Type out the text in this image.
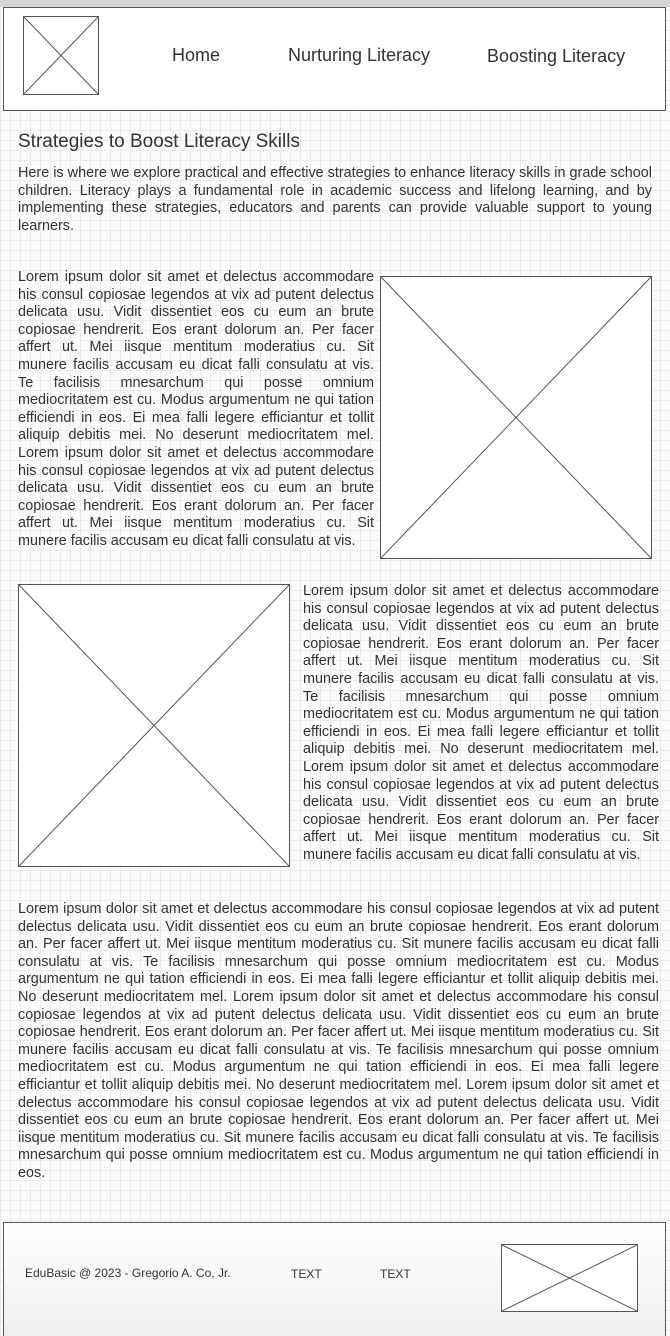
Home	Nurturing Literacy	Boosting Literacy
Strategies to Boost Literacy Skills

Here is where we explore practical and effective strategies to enhance literacy skills in grade school children. Literacy plays a fundamental role in academic success and lifelong learning, and by implementing these strategies, educators and parents can provide valuable support to young learners.

Lorem ipsum dolor sit amet et delectus accommodare his consul copiosae legendos at vix ad putent delectus delicata usu. Vidit dissentiet eos cu eum an brute copiosae hendrerit. Eos erant dolorum an. Per facer affert ut. Mei iisque mentitum moderatius cu. Sit munere facilis accusam eu dicat falli consulatu at vis. Te facilisis mnesarchum qui posse omnium mediocritatem est cu. Modus argumentum ne qui tation efficiendi in eos. Ei mea falli legere efficiantur et tollit aliquip debitis mei. No deserunt mediocritatem mel. Lorem ipsum dolor sit amet et delectus accommodare his consul copiosae legendos at vix ad putent delectus delicata usu. Vidit dissentiet eos cu eum an brute copiosae hendrerit. Eos erant dolorum an. Per facer affert ut. Mei iisque mentitum moderatius cu. Sit munere facilis accusam eu dicat falli consulatu at vis.

Lorem ipsum dolor sit amet et delectus accommodare his consul copiosae legendos at vix ad putent delectus delicata usu. Vidit dissentiet eos cu eum an brute copiosae hendrerit. Eos erant dolorum an. Per facer affert ut. Mei iisque mentitum moderatius cu. Sit munere facilis accusam eu dicat falli consulatu at vis. Te facilisis mnesarchum qui posse omnium mediocritatem est cu. Modus argumentum ne qui tation efficiendi in eos. Ei mea falli legere efficiantur et tollit aliquip debitis mei. No deserunt mediocritatem mel. Lorem ipsum dolor sit amet et delectus accommodare his consul copiosae legendos at vix ad putent delectus delicata usu. Vidit dissentiet eos cu eum an brute copiosae hendrerit. Eos erant dolorum an. Per facer affert ut. Mei iisque mentitum moderatius cu. Sit munere facilis accusam eu dicat falli consulatu at vis.

Lorem ipsum dolor sit amet et delectus accommodare his consul copiosae legendos at vix ad putent delectus delicata usu. Vidit dissentiet eos cu eum an brute copiosae hendrerit. Eos erant dolorum an. Per facer affert ut. Mei iisque mentitum moderatius cu. Sit munere facilis accusam eu dicat falli consulatu at vis. Te facilisis mnesarchum qui posse omnium mediocritatem est cu. Modus argumentum ne qui tation efficiendi in eos. Ei mea falli legere efficiantur et tollit aliquip debitis mei. No deserunt mediocritatem mel. Lorem ipsum dolor sit amet et delectus accommodare his consul copiosae legendos at vix ad putent delectus delicata usu. Vidit dissentiet eos cu eum an brute copiosae hendrerit. Eos erant dolorum an. Per facer affert ut. Mei iisque mentitum moderatius cu. Sit munere facilis accusam eu dicat falli consulatu at vis. Te facilisis mnesarchum qui posse omnium mediocritatem est cu. Modus argumentum ne qui tation efficiendi in eos. Ei mea falli legere efficiantur et tollit aliquip debitis mei. No deserunt mediocritatem mel. Lorem ipsum dolor sit amet et delectus accommodare his consul copiosae legendos at vix ad putent delectus delicata usu. Vidit dissentiet eos cu eum an brute copiosae hendrerit. Eos erant dolorum an. Per facer affert ut. Mei iisque mentitum moderatius cu. Sit munere facilis accusam eu dicat falli consulatu at vis. Te facilisis mnesarchum qui posse omnium mediocritatem est cu. Modus argumentum ne qui tation efficiendi in eos.

EduBasic @ 2023 - Gregorio A. Co, Jr.	TEXT	TEXT
